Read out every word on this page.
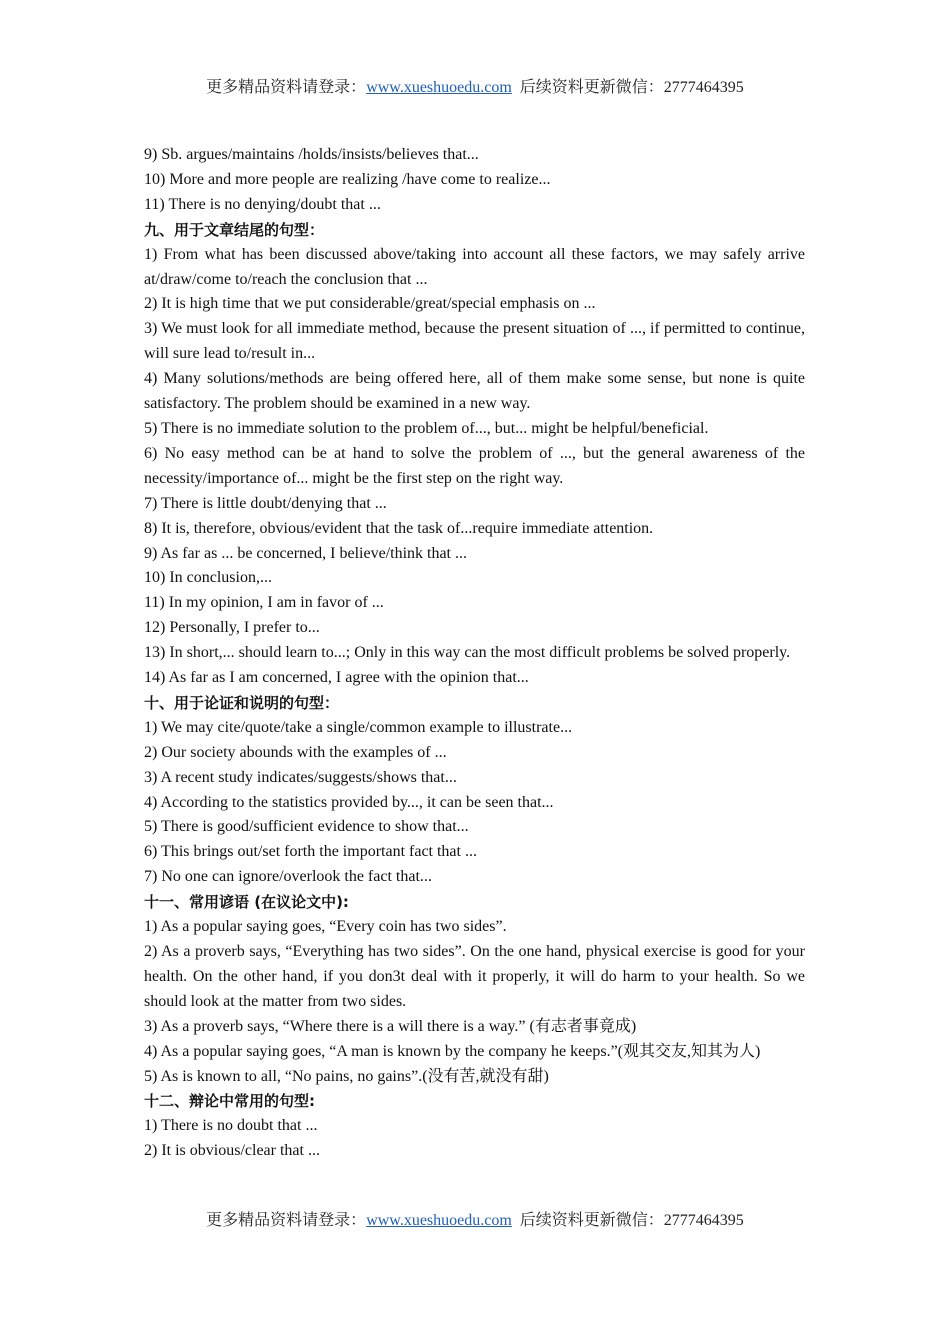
更多精品资料请登录：www.xueshuoedu.com  后续资料更新微信：2777464395

9) Sb. argues/maintains /holds/insists/believes that...

10) More and more people are realizing /have come to realize...

11) There is no denying/doubt that ...

九、用于文章结尾的句型：

1) From what has been discussed above/taking into account all these factors, we may safely arrive at/draw/come to/reach the conclusion that ...

2) It is high time that we put considerable/great/special emphasis on ...

3) We must look for all immediate method, because the present situation of ..., if permitted to continue, will sure lead to/result in...

4) Many solutions/methods are being offered here, all of them make some sense, but none is quite satisfactory. The problem should be examined in a new way.

5) There is no immediate solution to the problem of..., but... might be helpful/beneficial.

6) No easy method can be at hand to solve the problem of ..., but the general awareness of the necessity/importance of... might be the first step on the right way.

7) There is little doubt/denying that ...

8) It is, therefore, obvious/evident that the task of...require immediate attention.

9) As far as ... be concerned, I believe/think that ...

10) In conclusion,...

11) In my opinion, I am in favor of ...

12) Personally, I prefer to...

13) In short,... should learn to...; Only in this way can the most difficult problems be solved properly.

14) As far as I am concerned, I agree with the opinion that...

十、用于论证和说明的句型：

1) We may cite/quote/take a single/common example to illustrate...

2) Our society abounds with the examples of ...

3) A recent study indicates/suggests/shows that...

4) According to the statistics provided by..., it can be seen that...

5) There is good/sufficient evidence to show that...

6) This brings out/set forth the important fact that ...

7) No one can ignore/overlook the fact that...

十一、常用谚语 (在议论文中):

1) As a popular saying goes, “Every coin has two sides”.

2) As a proverb says, “Everything has two sides”. On the one hand, physical exercise is good for your health. On the other hand, if you don3t deal with it properly, it will do harm to your health. So we should look at the matter from two sides.

3) As a proverb says, “Where there is a will there is a way.” (有志者事竟成)

4) As a popular saying goes, “A man is known by the company he keeps.”(观其交友,知其为人)

5) As is known to all, “No pains, no gains”.(没有苦,就没有甜)

十二、辩论中常用的句型:

1) There is no doubt that ...

2) It is obvious/clear that ...

更多精品资料请登录：www.xueshuoedu.com  后续资料更新微信：2777464395
